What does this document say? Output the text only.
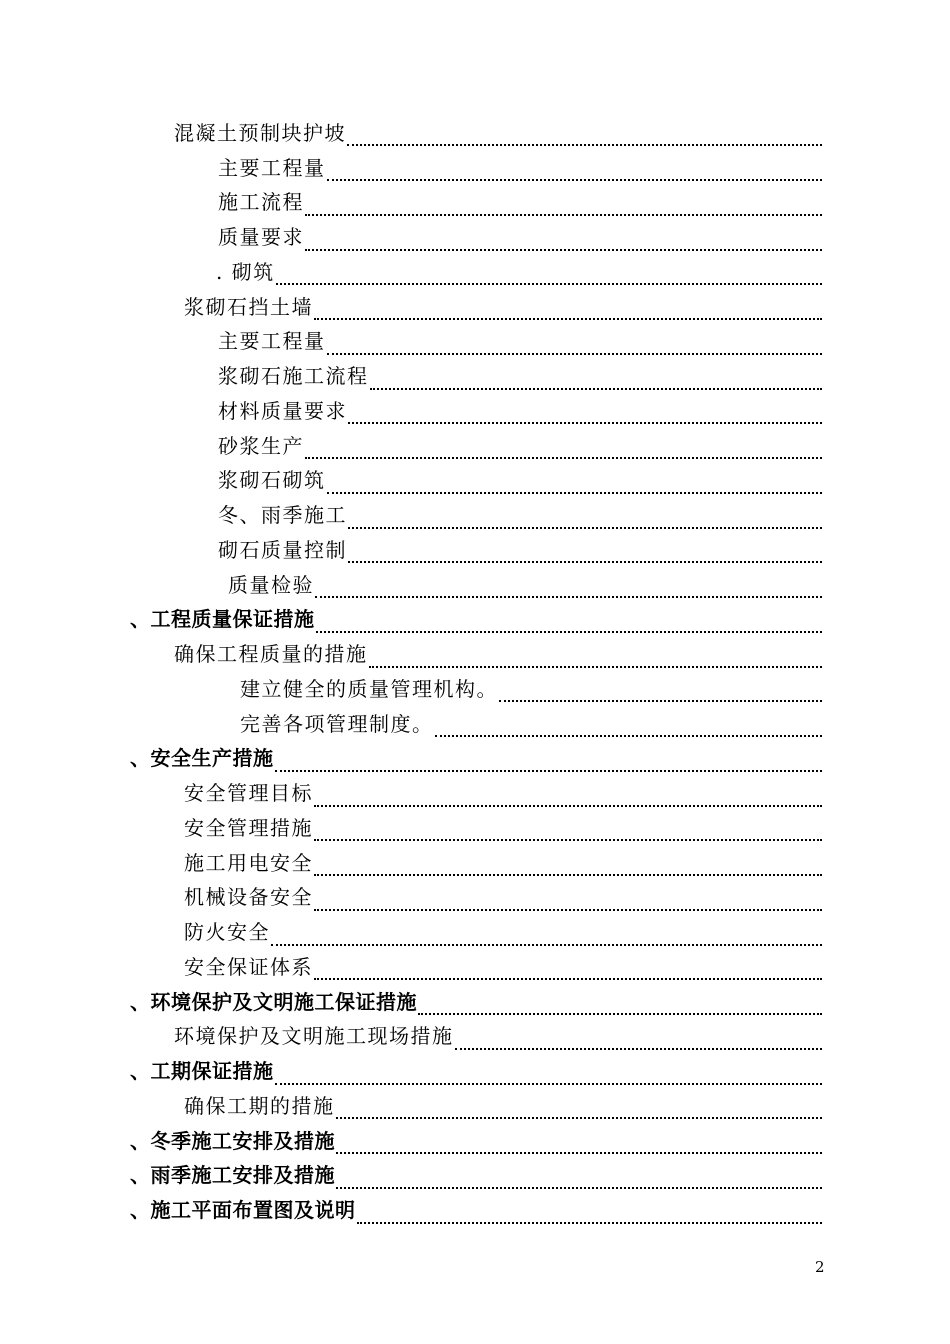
混凝土预制块护坡
主要工程量
施工流程
质量要求
. 砌筑
浆砌石挡土墙
主要工程量
浆砌石施工流程
材料质量要求
砂浆生产
浆砌石砌筑
冬、雨季施工
砌石质量控制
质量检验
、工程质量保证措施
确保工程质量的措施
建立健全的质量管理机构。
完善各项管理制度。
、安全生产措施
安全管理目标
安全管理措施
施工用电安全
机械设备安全
防火安全
安全保证体系
、环境保护及文明施工保证措施
环境保护及文明施工现场措施
、工期保证措施
确保工期的措施
、冬季施工安排及措施
、雨季施工安排及措施
、施工平面布置图及说明
2
